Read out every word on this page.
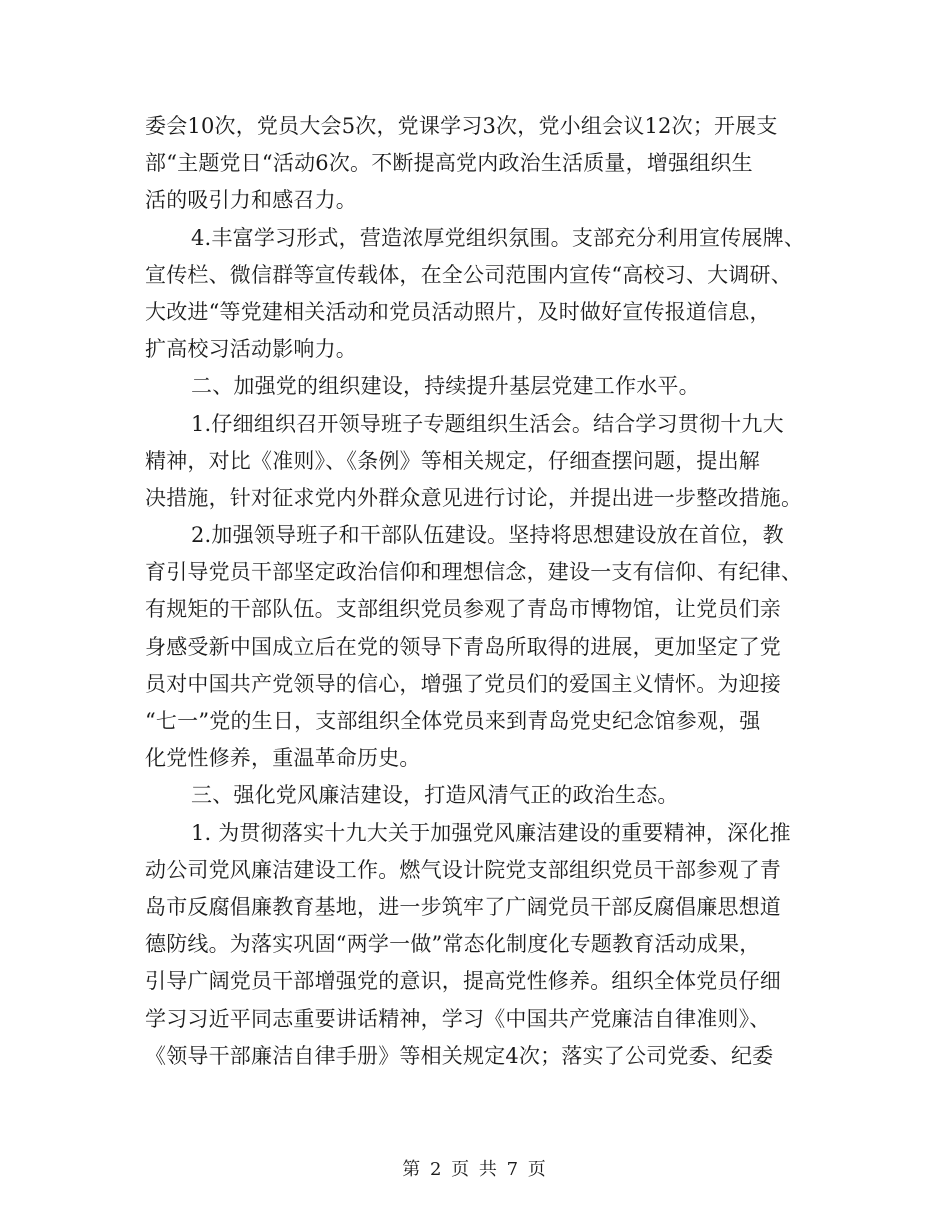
委会10次，党员大会5次，党课学习3次，党小组会议12次；开展支
部“主题党日“活动6次。不断提高党内政治生活质量，增强组织生
活的吸引力和感召力。
4.丰富学习形式，营造浓厚党组织氛围。支部充分利用宣传展牌、
宣传栏、微信群等宣传载体，在全公司范围内宣传“高校习、大调研、
大改进“等党建相关活动和党员活动照片，及时做好宣传报道信息，
扩高校习活动影响力。
二、加强党的组织建设，持续提升基层党建工作水平。
1.仔细组织召开领导班子专题组织生活会。结合学习贯彻十九大
精神，对比《准则》、《条例》等相关规定，仔细查摆问题，提出解
决措施，针对征求党内外群众意见进行讨论，并提出进一步整改措施。
2.加强领导班子和干部队伍建设。坚持将思想建设放在首位，教
育引导党员干部坚定政治信仰和理想信念，建设一支有信仰、有纪律、
有规矩的干部队伍。支部组织党员参观了青岛市博物馆，让党员们亲
身感受新中国成立后在党的领导下青岛所取得的进展，更加坚定了党
员对中国共产党领导的信心，增强了党员们的爱国主义情怀。为迎接
“七一”党的生日，支部组织全体党员来到青岛党史纪念馆参观，强
化党性修养，重温革命历史。
三、强化党风廉洁建设，打造风清气正的政治生态。
1. 为贯彻落实十九大关于加强党风廉洁建设的重要精神，深化推
动公司党风廉洁建设工作。燃气设计院党支部组织党员干部参观了青
岛市反腐倡廉教育基地，进一步筑牢了广阔党员干部反腐倡廉思想道
德防线。为落实巩固“两学一做”常态化制度化专题教育活动成果，
引导广阔党员干部增强党的意识，提高党性修养。组织全体党员仔细
学习习近平同志重要讲话精神，学习《中国共产党廉洁自律准则》、
《领导干部廉洁自律手册》等相关规定4次；落实了公司党委、纪委
第 2 页 共 7 页
